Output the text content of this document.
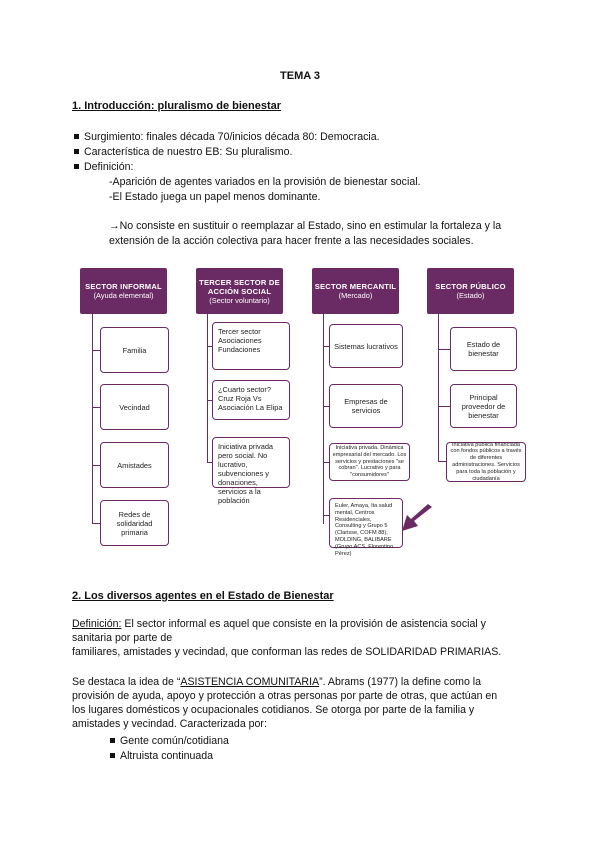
TEMA 3
1. Introducción: pluralismo de bienestar
Surgimiento: finales década 70/inicios década 80: Democracia.
Característica de nuestro EB: Su pluralismo.
Definición:
-Aparición de agentes variados en la provisión de bienestar social.
-El Estado juega un papel menos dominante.
→No consiste en sustituir o reemplazar al Estado, sino en estimular la fortaleza y la
extensión de la acción colectiva para hacer frente a las necesidades sociales.
SECTOR INFORMAL
(Ayuda elemental)
Familia
Vecindad
Amistades
Redes de solidaridad primaria
TERCER SECTOR DE ACCIÓN SOCIAL
(Sector voluntario)
Tercer sector
Asociaciones
Fundaciones
¿Cuarto sector?
Cruz Roja Vs
Asociación La Elipa
Iniciativa privada pero social. No lucrativo, subvenciones y donaciones, servicios a la población
SECTOR MERCANTIL
(Mercado)
Sistemas lucrativos
Empresas de servicios
Iniciativa privada. Dinámica empresarial del mercado. Los servicios y prestaciones "se cobran". Lucrativo y para "consumidores"
Euler, Amaya, Ita salud mental, Centros Residenciales, Consulting y Grupo 5 (Clarisse, COFM 88), MOLDING, BALIBARE (Grupo ACS, Florentino Pérez)
SECTOR PÚBLICO
(Estado)
Estado de bienestar
Principal proveedor de bienestar
Iniciativa pública financiada con fondos públicos a través de diferentes administraciones. Servicios para toda la población y ciudadanía
2. Los diversos agentes en el Estado de Bienestar
Definición: El sector informal es aquel que consiste en la provisión de asistencia social y
sanitaria por parte de
familiares, amistades y vecindad, que conforman las redes de SOLIDARIDAD PRIMARIAS.
Se destaca la idea de “ASISTENCIA COMUNITARIA”. Abrams (1977) la define como la
provisión de ayuda, apoyo y protección a otras personas por parte de otras, que actúan en
los lugares domésticos y ocupacionales cotidianos. Se otorga por parte de la familia y
amistades y vecindad. Caracterizada por:
Gente común/cotidiana
Altruista continuada
